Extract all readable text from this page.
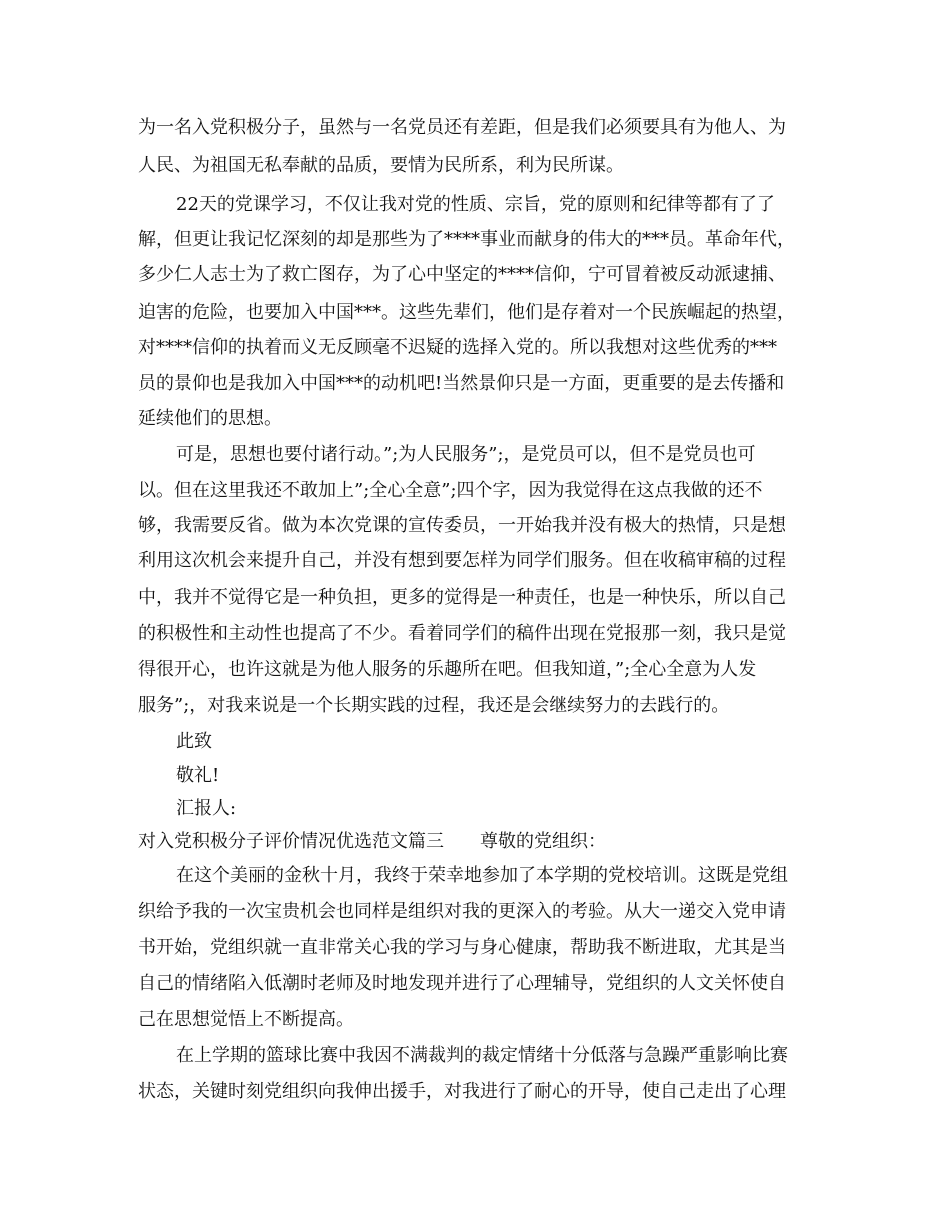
为一名入党积极分子，虽然与一名党员还有差距，但是我们必须要具有为他人、为
人民、为祖国无私奉献的品质，要情为民所系，利为民所谋。
22天的党课学习，不仅让我对党的性质、宗旨，党的原则和纪律等都有了了
解，但更让我记忆深刻的却是那些为了****事业而献身的伟大的***员。革命年代，
多少仁人志士为了救亡图存，为了心中坚定的****信仰，宁可冒着被反动派逮捕、
迫害的危险，也要加入中国***。这些先辈们，他们是存着对一个民族崛起的热望，
对****信仰的执着而义无反顾毫不迟疑的选择入党的。所以我想对这些优秀的***
员的景仰也是我加入中国***的动机吧!当然景仰只是一方面，更重要的是去传播和
延续他们的思想。
可是，思想也要付诸行动。”;为人民服务”;，是党员可以，但不是党员也可
以。但在这里我还不敢加上”;全心全意”;四个字，因为我觉得在这点我做的还不
够，我需要反省。做为本次党课的宣传委员，一开始我并没有极大的热情，只是想
利用这次机会来提升自己，并没有想到要怎样为同学们服务。但在收稿审稿的过程
中，我并不觉得它是一种负担，更多的觉得是一种责任，也是一种快乐，所以自己
的积极性和主动性也提高了不少。看着同学们的稿件出现在党报那一刻，我只是觉
得很开心，也许这就是为他人服务的乐趣所在吧。但我知道，”;全心全意为人发
服务”;，对我来说是一个长期实践的过程，我还是会继续努力的去践行的。
此致
敬礼!
汇报人:
对入党积极分子评价情况优选范文篇三　　尊敬的党组织：
在这个美丽的金秋十月，我终于荣幸地参加了本学期的党校培训。这既是党组
织给予我的一次宝贵机会也同样是组织对我的更深入的考验。从大一递交入党申请
书开始，党组织就一直非常关心我的学习与身心健康，帮助我不断进取，尤其是当
自己的情绪陷入低潮时老师及时地发现并进行了心理辅导，党组织的人文关怀使自
己在思想觉悟上不断提高。
在上学期的篮球比赛中我因不满裁判的裁定情绪十分低落与急躁严重影响比赛
状态，关键时刻党组织向我伸出援手，对我进行了耐心的开导，使自己走出了心理
